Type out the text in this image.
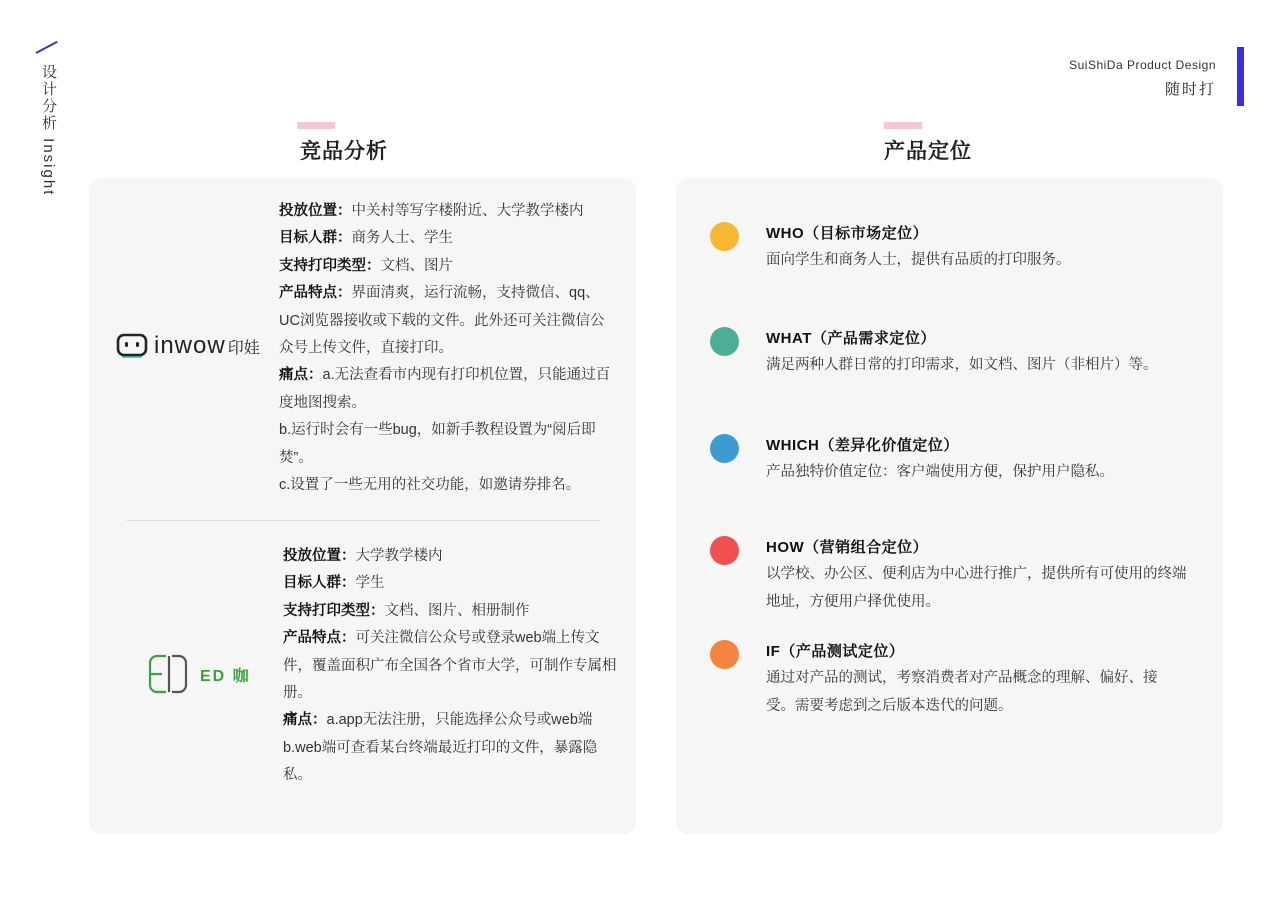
设计分析 Insight	SuiShiDa Product Design
随时打
竞品分析	产品定位
inwow 印娃
投放位置：中关村等写字楼附近、大学教学楼内
目标人群：商务人士、学生
支持打印类型：文档、图片
产品特点：界面清爽，运行流畅，支持微信、qq、UC浏览器接收或下载的文件。此外还可关注微信公众号上传文件，直接打印。
痛点：a.无法查看市内现有打印机位置，只能通过百度地图搜索。
b.运行时会有一些bug，如新手教程设置为“阅后即焚”。
c.设置了一些无用的社交功能，如邀请券排名。
ED 咖
投放位置：大学教学楼内
目标人群：学生
支持打印类型：文档、图片、相册制作
产品特点：可关注微信公众号或登录web端上传文件，覆盖面积广布全国各个省市大学，可制作专属相册。
痛点：a.app无法注册，只能选择公众号或web端
b.web端可查看某台终端最近打印的文件，暴露隐私。
WHO（目标市场定位）
面向学生和商务人士，提供有品质的打印服务。
WHAT（产品需求定位）
满足两种人群日常的打印需求，如文档、图片（非相片）等。
WHICH（差异化价值定位）
产品独特价值定位：客户端使用方便，保护用户隐私。
HOW（营销组合定位）
以学校、办公区、便利店为中心进行推广，提供所有可使用的终端地址，方便用户择优使用。
IF（产品测试定位）
通过对产品的测试，考察消费者对产品概念的理解、偏好、接受。需要考虑到之后版本迭代的问题。
